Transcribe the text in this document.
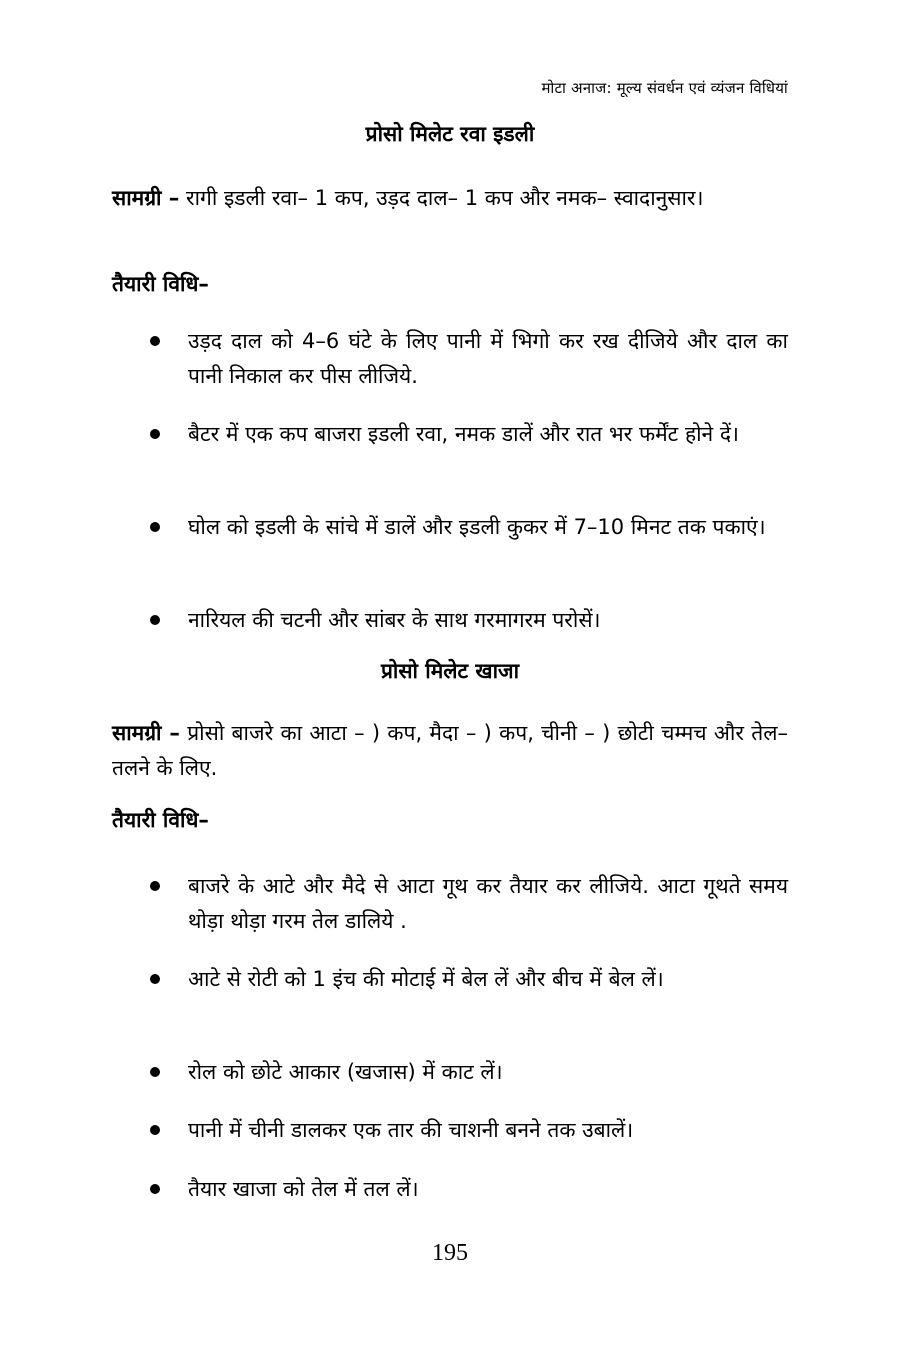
मोटा अनाज: मूल्य संवर्धन एवं व्यंजन विधियां
प्रोसो मिलेट रवा इडली
सामग्री – रागी इडली रवा– 1 कप, उड़द दाल– 1 कप और नमक– स्वादानुसार।
तैयारी विधि–
उड़द दाल को 4–6 घंटे के लिए पानी में भिगो कर रख दीजिये और दाल का पानी निकाल कर पीस लीजिये.
बैटर में एक कप बाजरा इडली रवा, नमक डालें और रात भर फर्मेंट होने दें।
घोल को इडली के सांचे में डालें और इडली कुकर में 7–10 मिनट तक पकाएं।
नारियल की चटनी और सांबर के साथ गरमागरम परोसें।
प्रोसो मिलेट खाजा
सामग्री – प्रोसो बाजरे का आटा – ) कप, मैदा – ) कप, चीनी – ) छोटी चम्मच और तेल– तलने के लिए.
तैयारी विधि–
बाजरे के आटे और मैदे से आटा गूथ कर तैयार कर लीजिये. आटा गूथते समय थोड़ा थोड़ा गरम तेल डालिये .
आटे से रोटी को 1 इंच की मोटाई में बेल लें और बीच में बेल लें।
रोल को छोटे आकार (खजास) में काट लें।
पानी में चीनी डालकर एक तार की चाशनी बनने तक उबालें।
तैयार खाजा को तेल में तल लें।
195
